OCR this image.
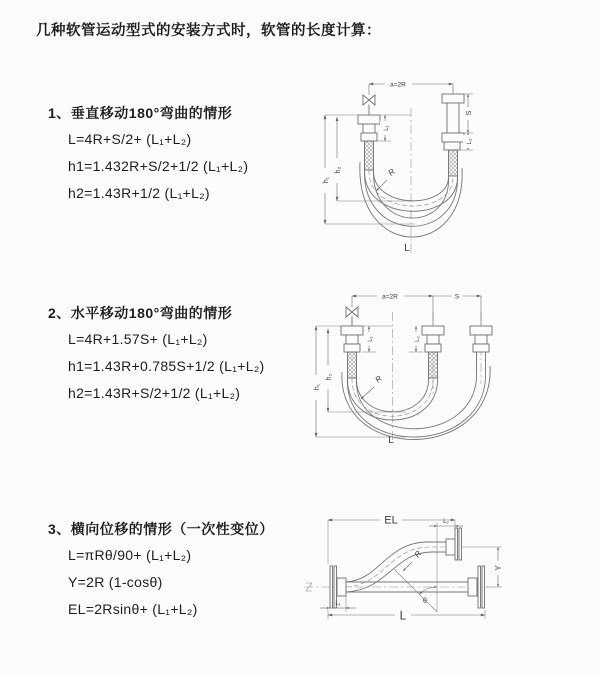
几种软管运动型式的安装方式时，软管的长度计算：
1、垂直移动180°弯曲的情形
L=4R+S/2+ (L₁+L₂)
h1=1.432R+S/2+1/2 (L₁+L₂)
h2=1.43R+1/2 (L₁+L₂)
2、水平移动180°弯曲的情形
L=4R+1.57S+ (L₁+L₂)
h1=1.43R+0.785S+1/2 (L₁+L₂)
h2=1.43R+S/2+1/2 (L₁+L₂)
3、横向位移的情形（一次性变位）
L=πRθ/90+ (L₁+L₂)
Y=2R (1-cosθ)
EL=2Rsinθ+ (L₁+L₂)
a=2R
h₁
h₂
L₁
S
L₂
R
L
a=2R	S
h₁
h₂
L₁	L₂
R
L
θ
EL	L₂
Y
R
L
L₁
